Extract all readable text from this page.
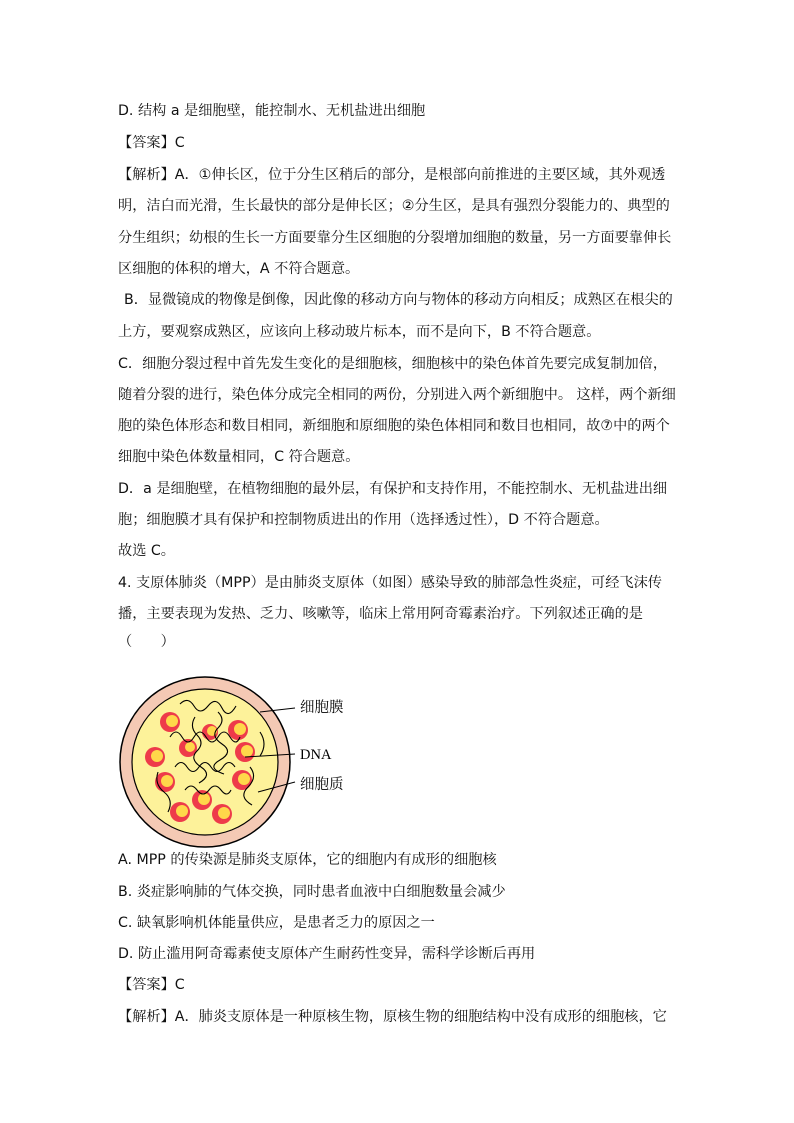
D. 结构 a 是细胞壁，能控制水、无机盐进出细胞
【答案】C
【解析】A．①伸长区，位于分生区稍后的部分，是根部向前推进的主要区域，其外观透
明，洁白而光滑，生长最快的部分是伸长区；②分生区，是具有强烈分裂能力的、典型的
分生组织；幼根的生长一方面要靠分生区细胞的分裂增加细胞的数量，另一方面要靠伸长
区细胞的体积的增大，A 不符合题意。
B．显微镜成的物像是倒像，因此像的移动方向与物体的移动方向相反；成熟区在根尖的
上方，要观察成熟区，应该向上移动玻片标本，而不是向下，B 不符合题意。
C．细胞分裂过程中首先发生变化的是细胞核，细胞核中的染色体首先要完成复制加倍，
随着分裂的进行，染色体分成完全相同的两份，分别进入两个新细胞中。 这样，两个新细
胞的染色体形态和数目相同，新细胞和原细胞的染色体相同和数目也相同，故⑦中的两个
细胞中染色体数量相同，C 符合题意。
D．a 是细胞壁，在植物细胞的最外层，有保护和支持作用，不能控制水、无机盐进出细
胞；细胞膜才具有保护和控制物质进出的作用（选择透过性），D 不符合题意。
故选 C。
4. 支原体肺炎（MPP）是由肺炎支原体（如图）感染导致的肺部急性炎症，可经飞沫传
播，主要表现为发热、乏力、咳嗽等，临床上常用阿奇霉素治疗。下列叙述正确的是
（　　）
细胞膜
DNA
细胞质
A. MPP 的传染源是肺炎支原体，它的细胞内有成形的细胞核
B. 炎症影响肺的气体交换，同时患者血液中白细胞数量会减少
C. 缺氧影响机体能量供应，是患者乏力的原因之一
D. 防止滥用阿奇霉素使支原体产生耐药性变异，需科学诊断后再用
【答案】C
【解析】A．肺炎支原体是一种原核生物，原核生物的细胞结构中没有成形的细胞核，它
